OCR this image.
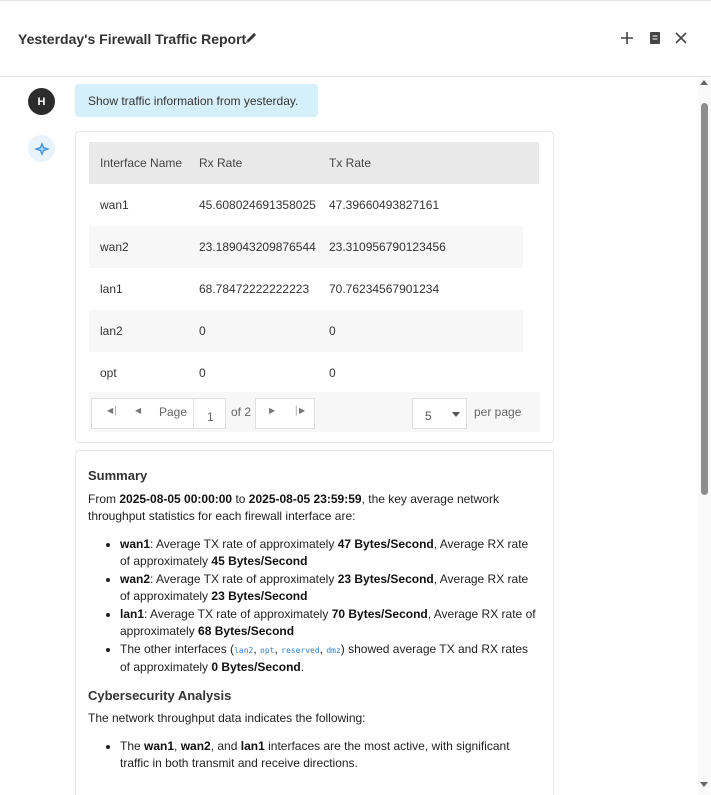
Yesterday's Firewall Traffic Report
H	Show traffic information from yesterday.
Interface Name Rx Rate	Tx Rate
wan1	45.608024691358025 47.39660493827161
wan2	23.189043209876544 23.310956790123456
lan1	68.78472222222223 70.76234567901234
lan2	0	0
opt	0	0
◀│ ◀ Page	1	of 2 ▶ │▶	5	per page
Summary

From 2025-08-05 00:00:00 to 2025-08-05 23:59:59, the key average network throughput statistics for each firewall interface are:

• wan1: Average TX rate of approximately 47 Bytes/Second, Average RX rate of approximately 45 Bytes/Second
• wan2: Average TX rate of approximately 23 Bytes/Second, Average RX rate of approximately 23 Bytes/Second
• lan1: Average TX rate of approximately 70 Bytes/Second, Average RX rate of approximately 68 Bytes/Second
• The other interfaces (lan2, opt, reserved, dmz) showed average TX and RX rates of approximately 0 Bytes/Second.
Cybersecurity Analysis

The network throughput data indicates the following:

• The wan1, wan2, and lan1 interfaces are the most active, with significant traffic in both transmit and receive directions.
